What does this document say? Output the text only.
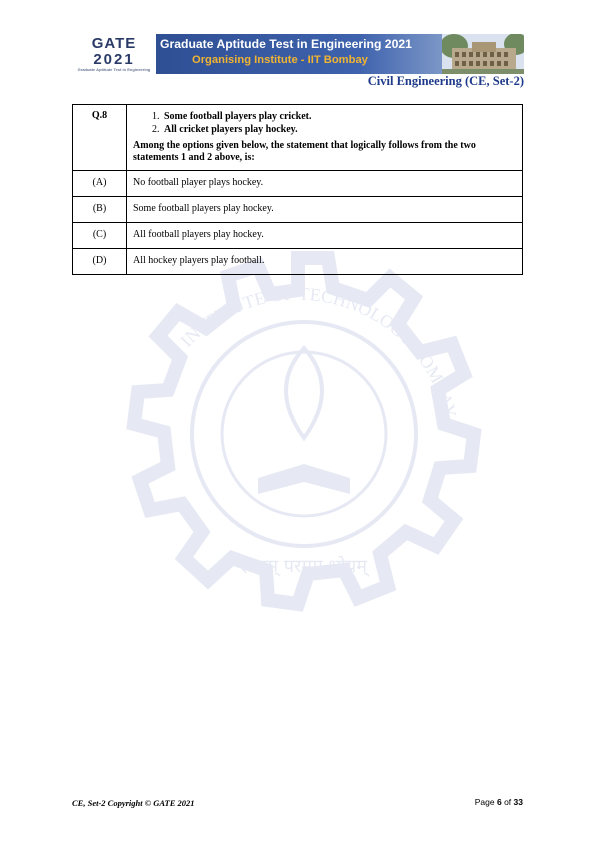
INSTITUTE OF TECHNOLOGY BOMBAY
ज्ञानम् परमम् ध्येयम्
GATE
2021
Graduate Aptitude Test in Engineering
Graduate Aptitude Test in Engineering 2021
Organising Institute - IIT Bombay
Civil Engineering (CE, Set-2)
Q.8	1. Some football players play cricket.
2. All cricket players play hockey.
Among the options given below, the statement that logically follows from the two statements 1 and 2 above, is:

(A)	No football player plays hockey.
(B)	Some football players play hockey.
(C)	All football players play hockey.
(D)	All hockey players play football.
CE, Set-2 Copyright © GATE 2021	Page 6 of 33
